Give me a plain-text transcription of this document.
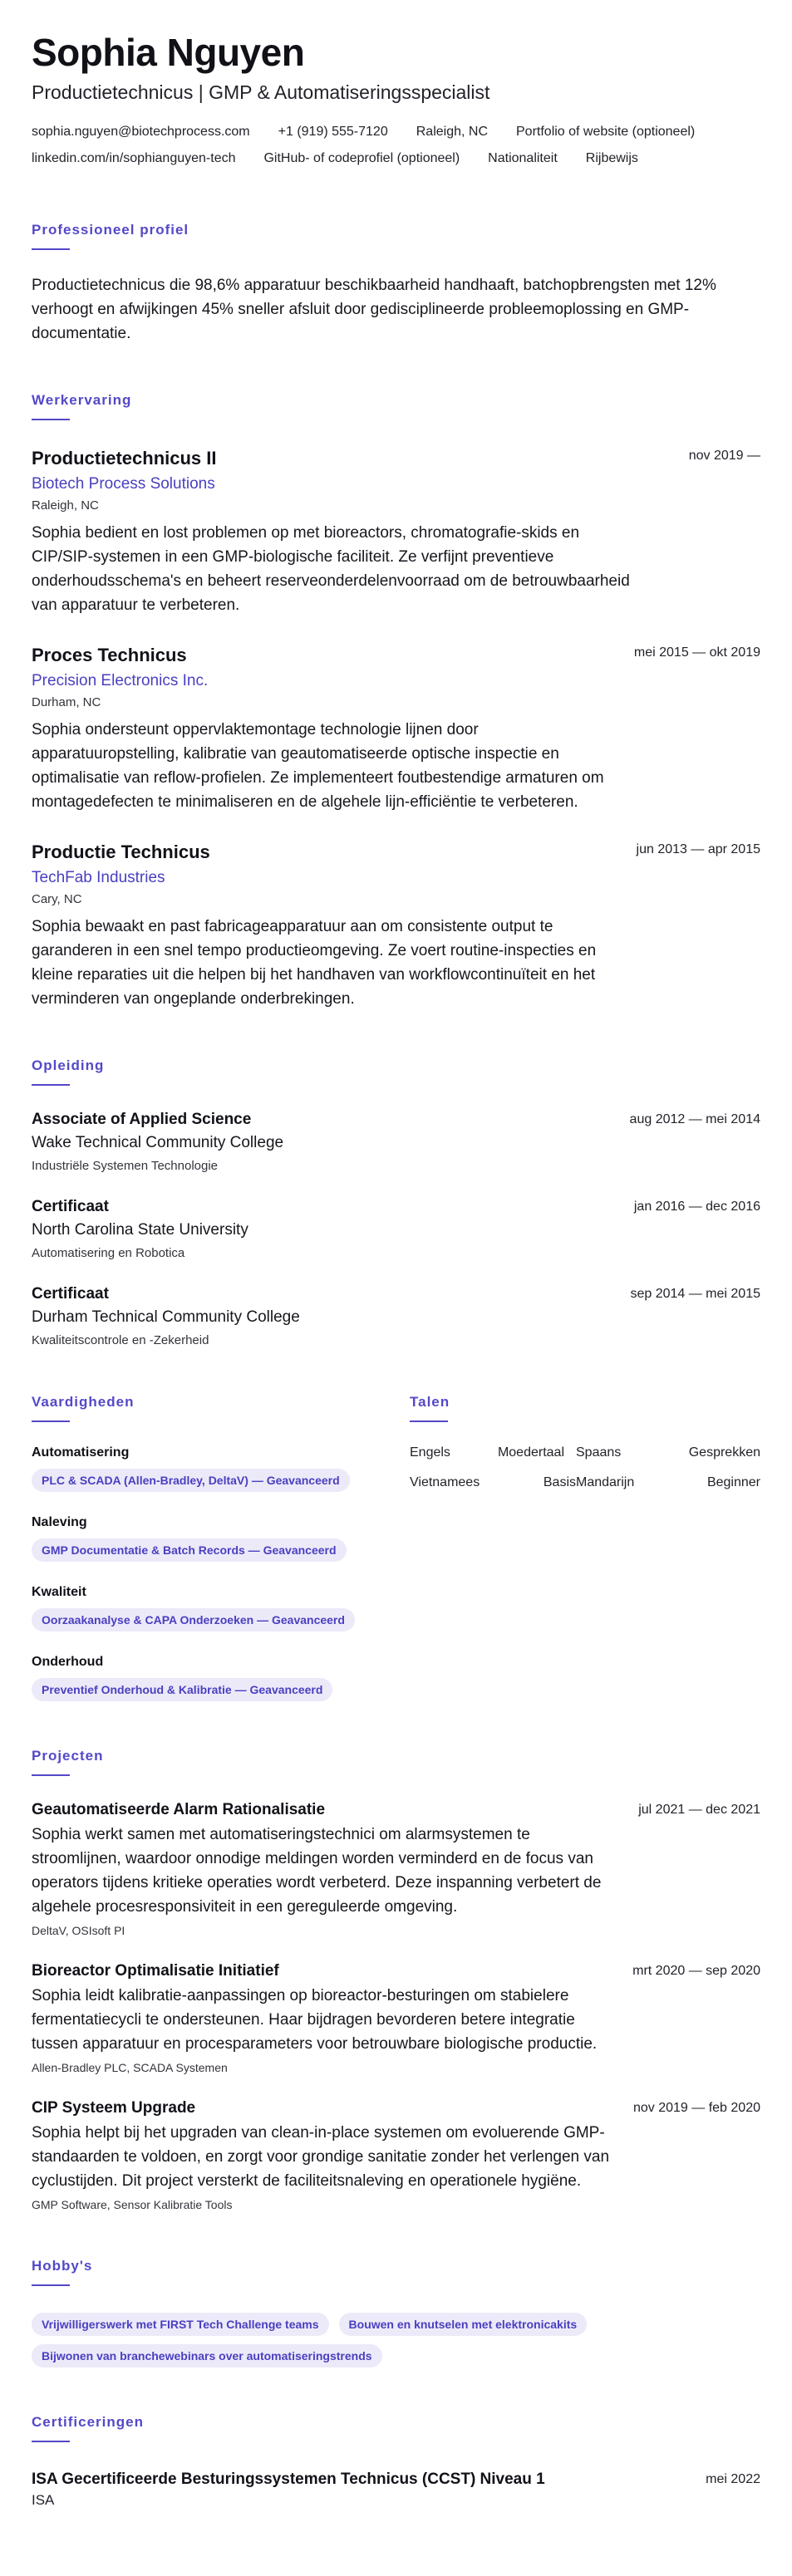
Sophia Nguyen
Productietechnicus | GMP & Automatiseringsspecialist
sophia.nguyen@biotechprocess.com +1 (919) 555-7120 Raleigh, NC Portfolio of website (optioneel)
linkedin.com/in/sophianguyen-tech GitHub- of codeprofiel (optioneel) Nationaliteit Rijbewijs
Professioneel profiel

Productietechnicus die 98,6% apparatuur beschikbaarheid handhaaft, batchopbrengsten met 12% verhoogt en afwijkingen 45% sneller afsluit door gedisciplineerde probleemoplossing en GMP-documentatie.

Werkervaring
Productietechnicus II	nov 2019 —
Biotech Process Solutions
Raleigh, NC

Sophia bedient en lost problemen op met bioreactors, chromatografie-skids en CIP/SIP-systemen in een GMP-biologische faciliteit. Ze verfijnt preventieve onderhoudsschema's en beheert reserveonderdelenvoorraad om de betrouwbaarheid van apparatuur te verbeteren.

Proces Technicus	mei 2015 — okt 2019
Precision Electronics Inc.
Durham, NC

Sophia ondersteunt oppervlaktemontage technologie lijnen door apparatuuropstelling, kalibratie van geautomatiseerde optische inspectie en optimalisatie van reflow-profielen. Ze implementeert foutbestendige armaturen om montagedefecten te minimaliseren en de algehele lijn-efficiëntie te verbeteren.

Productie Technicus	jun 2013 — apr 2015
TechFab Industries
Cary, NC

Sophia bewaakt en past fabricageapparatuur aan om consistente output te garanderen in een snel tempo productieomgeving. Ze voert routine-inspecties en kleine reparaties uit die helpen bij het handhaven van workflowcontinuïteit en het verminderen van ongeplande onderbrekingen.

Opleiding
Associate of Applied Science	aug 2012 — mei 2014
Wake Technical Community College
Industriële Systemen Technologie
Certificaat	jan 2016 — dec 2016
North Carolina State University
Automatisering en Robotica
Certificaat	sep 2014 — mei 2015
Durham Technical Community College
Kwaliteitscontrole en -Zekerheid
Vaardigheden
Automatisering
PLC & SCADA (Allen-Bradley, DeltaV) — Geavanceerd
Naleving
GMP Documentatie & Batch Records — Geavanceerd
Kwaliteit
Oorzaakanalyse & CAPA Onderzoeken — Geavanceerd
Onderhoud
Preventief Onderhoud & Kalibratie — Geavanceerd
Talen
Engels	Moedertaal Spaans	Gesprekken
Vietnamees	Basis Mandarijn	Beginner
Projecten
Geautomatiseerde Alarm Rationalisatie	jul 2021 — dec 2021

Sophia werkt samen met automatiseringstechnici om alarmsystemen te stroomlijnen, waardoor onnodige meldingen worden verminderd en de focus van operators tijdens kritieke operaties wordt verbeterd. Deze inspanning verbetert de algehele procesresponsiviteit in een gereguleerde omgeving.

DeltaV, OSIsoft PI
Bioreactor Optimalisatie Initiatief	mrt 2020 — sep 2020

Sophia leidt kalibratie-aanpassingen op bioreactor-besturingen om stabielere fermentatiecycli te ondersteunen. Haar bijdragen bevorderen betere integratie tussen apparatuur en procesparameters voor betrouwbare biologische productie.

Allen-Bradley PLC, SCADA Systemen
CIP Systeem Upgrade	nov 2019 — feb 2020

Sophia helpt bij het upgraden van clean-in-place systemen om evoluerende GMP-standaarden te voldoen, en zorgt voor grondige sanitatie zonder het verlengen van cyclustijden. Dit project versterkt de faciliteitsnaleving en operationele hygiëne.

GMP Software, Sensor Kalibratie Tools
Hobby's
Vrijwilligerswerk met FIRST Tech Challenge teams	Bouwen en knutselen met elektronicakits
Bijwonen van branchewebinars over automatiseringstrends
Certificeringen
ISA Gecertificeerde Besturingssystemen Technicus (CCST) Niveau 1	mei 2022
ISA
